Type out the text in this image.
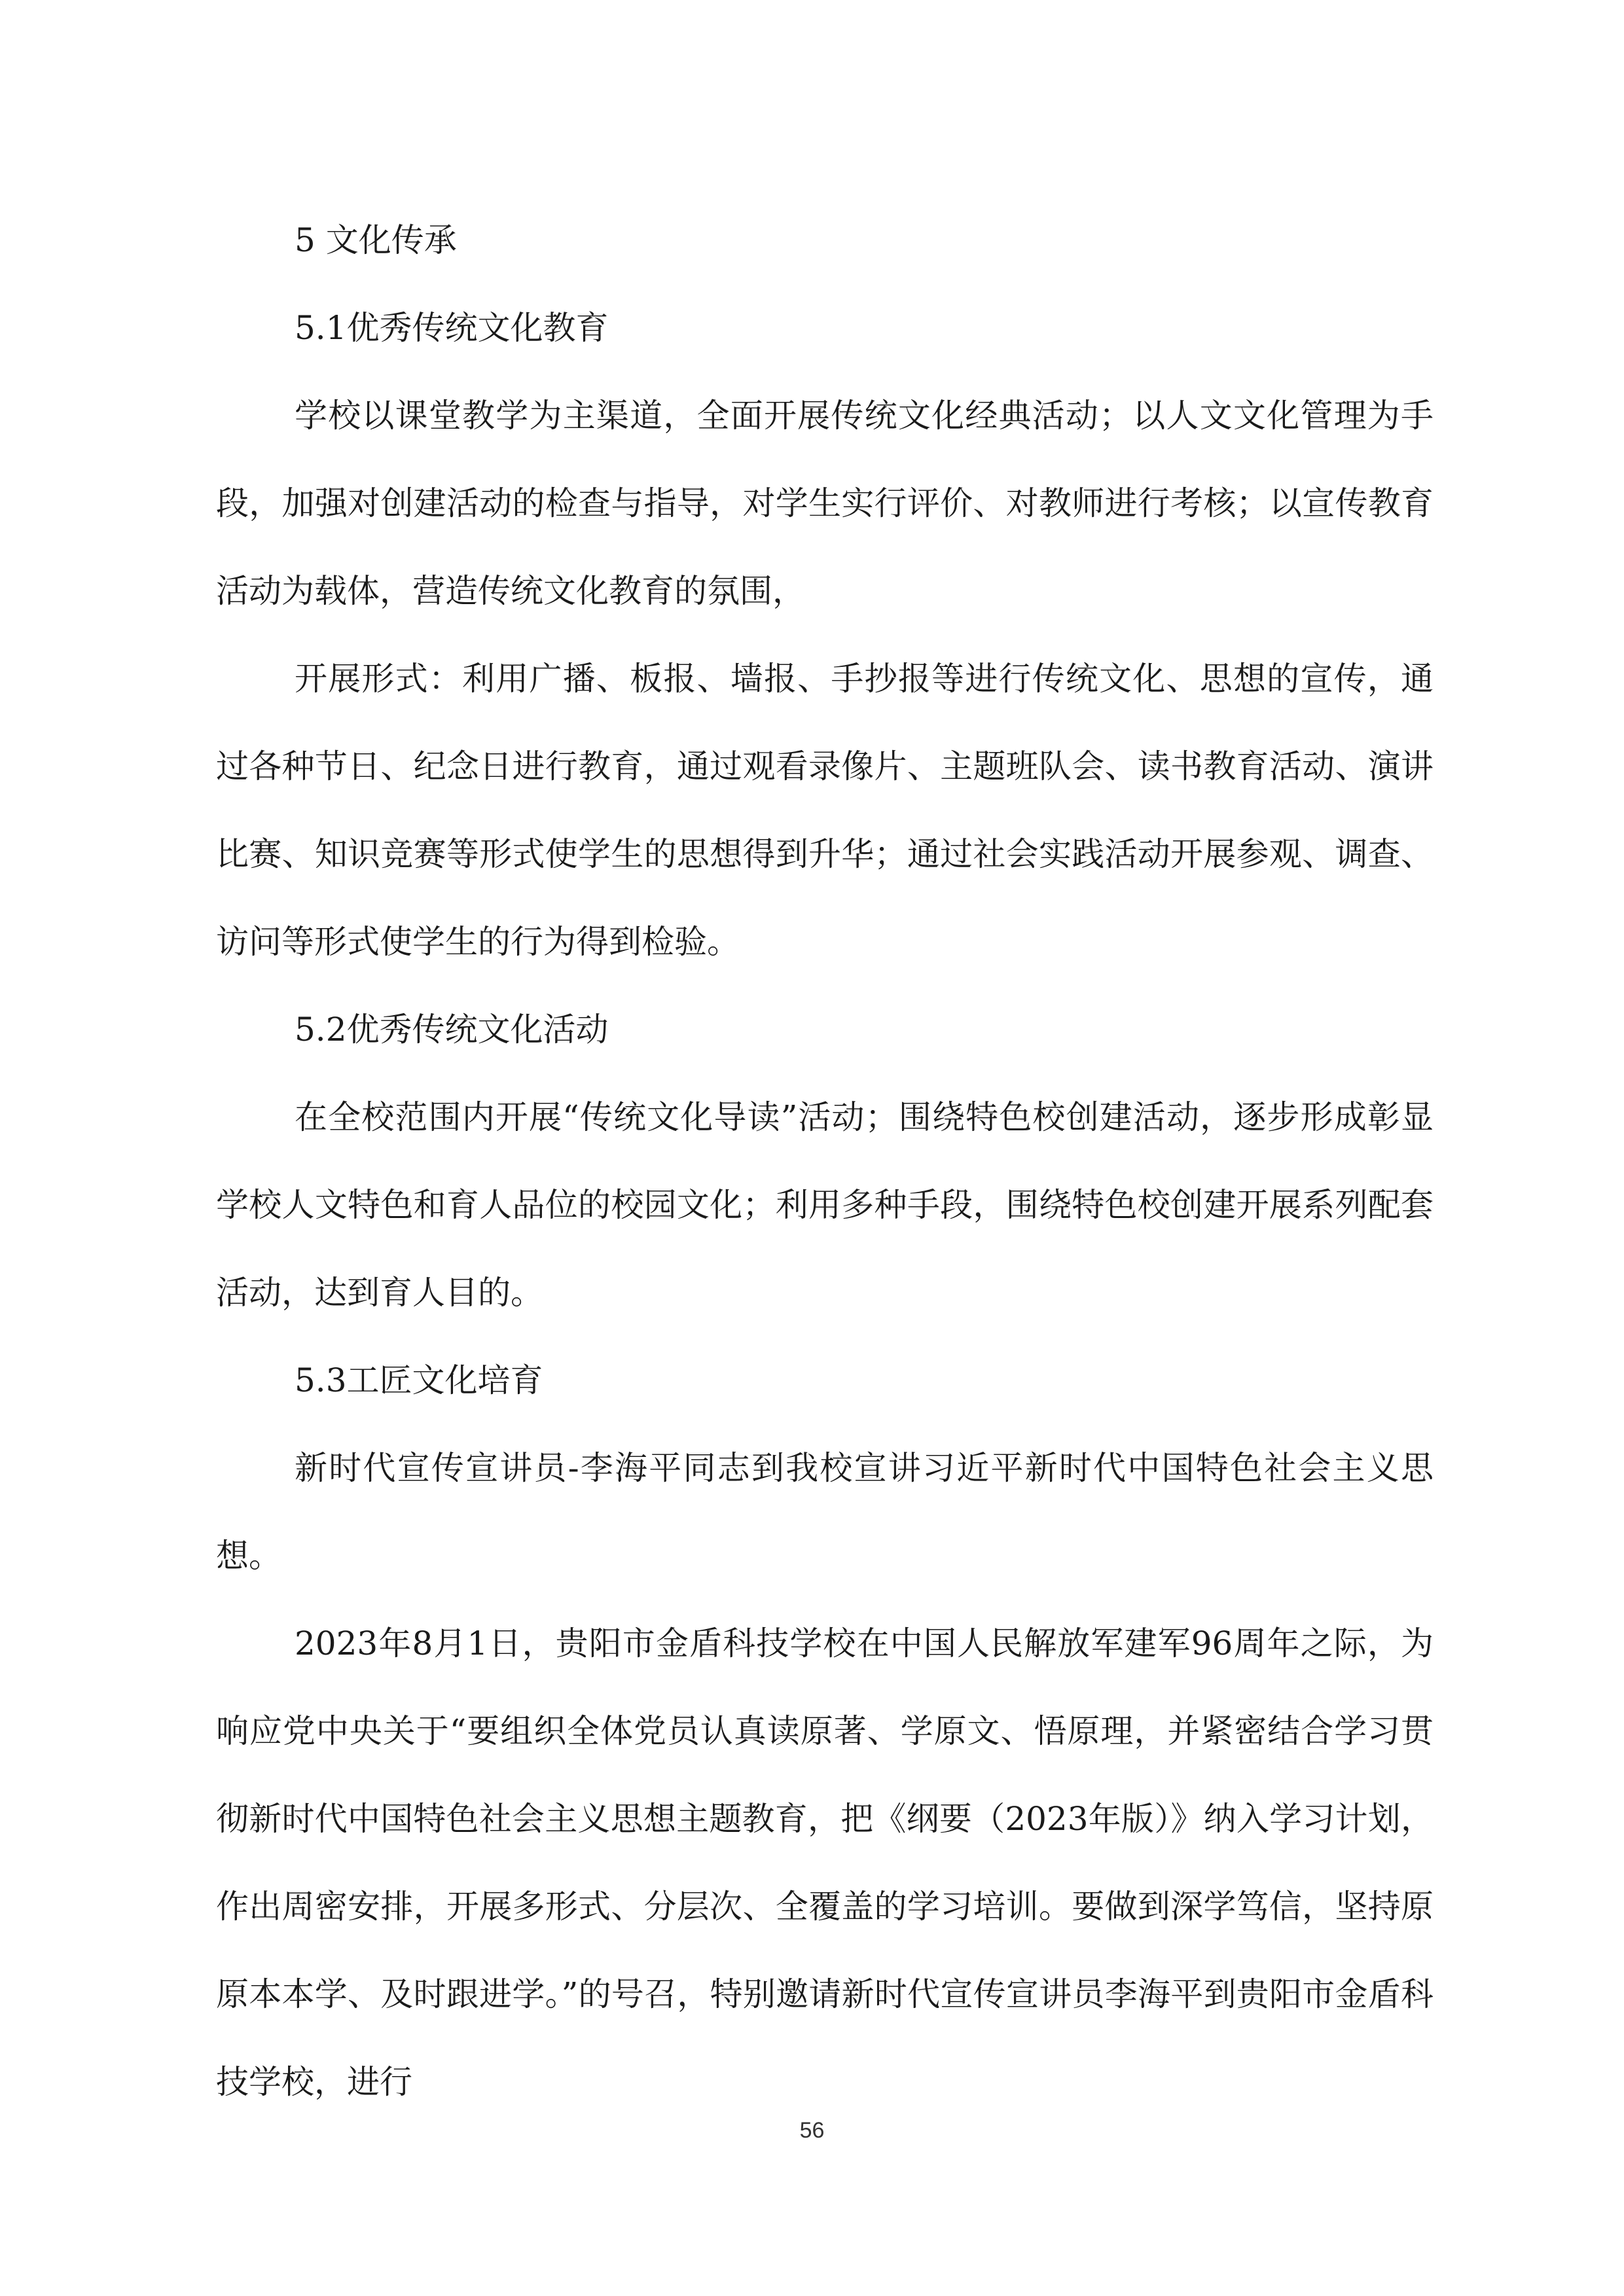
5 文化传承

5.1优秀传统文化教育

学校以课堂教学为主渠道，全面开展传统文化经典活动；以人文文化管理为手段，加强对创建活动的检查与指导，对学生实行评价、对教师进行考核；以宣传教育活动为载体，营造传统文化教育的氛围，

开展形式：利用广播、板报、墙报、手抄报等进行传统文化、思想的宣传，通过各种节日、纪念日进行教育，通过观看录像片、主题班队会、读书教育活动、演讲比赛、知识竞赛等形式使学生的思想得到升华；通过社会实践活动开展参观、调查、访问等形式使学生的行为得到检验。

5.2优秀传统文化活动

在全校范围内开展“传统文化导读”活动；围绕特色校创建活动，逐步形成彰显学校人文特色和育人品位的校园文化；利用多种手段，围绕特色校创建开展系列配套活动，达到育人目的。

5.3工匠文化培育

新时代宣传宣讲员-李海平同志到我校宣讲习近平新时代中国特色社会主义思想。

2023年8月1日，贵阳市金盾科技学校在中国人民解放军建军96周年之际，为响应党中央关于“要组织全体党员认真读原著、学原文、悟原理，并紧密结合学习贯彻新时代中国特色社会主义思想主题教育，把《纲要（2023年版）》纳入学习计划，作出周密安排，开展多形式、分层次、全覆盖的学习培训。要做到深学笃信，坚持原原本本学、及时跟进学。”的号召，特别邀请新时代宣传宣讲员李海平到贵阳市金盾科技学校，进行

56
